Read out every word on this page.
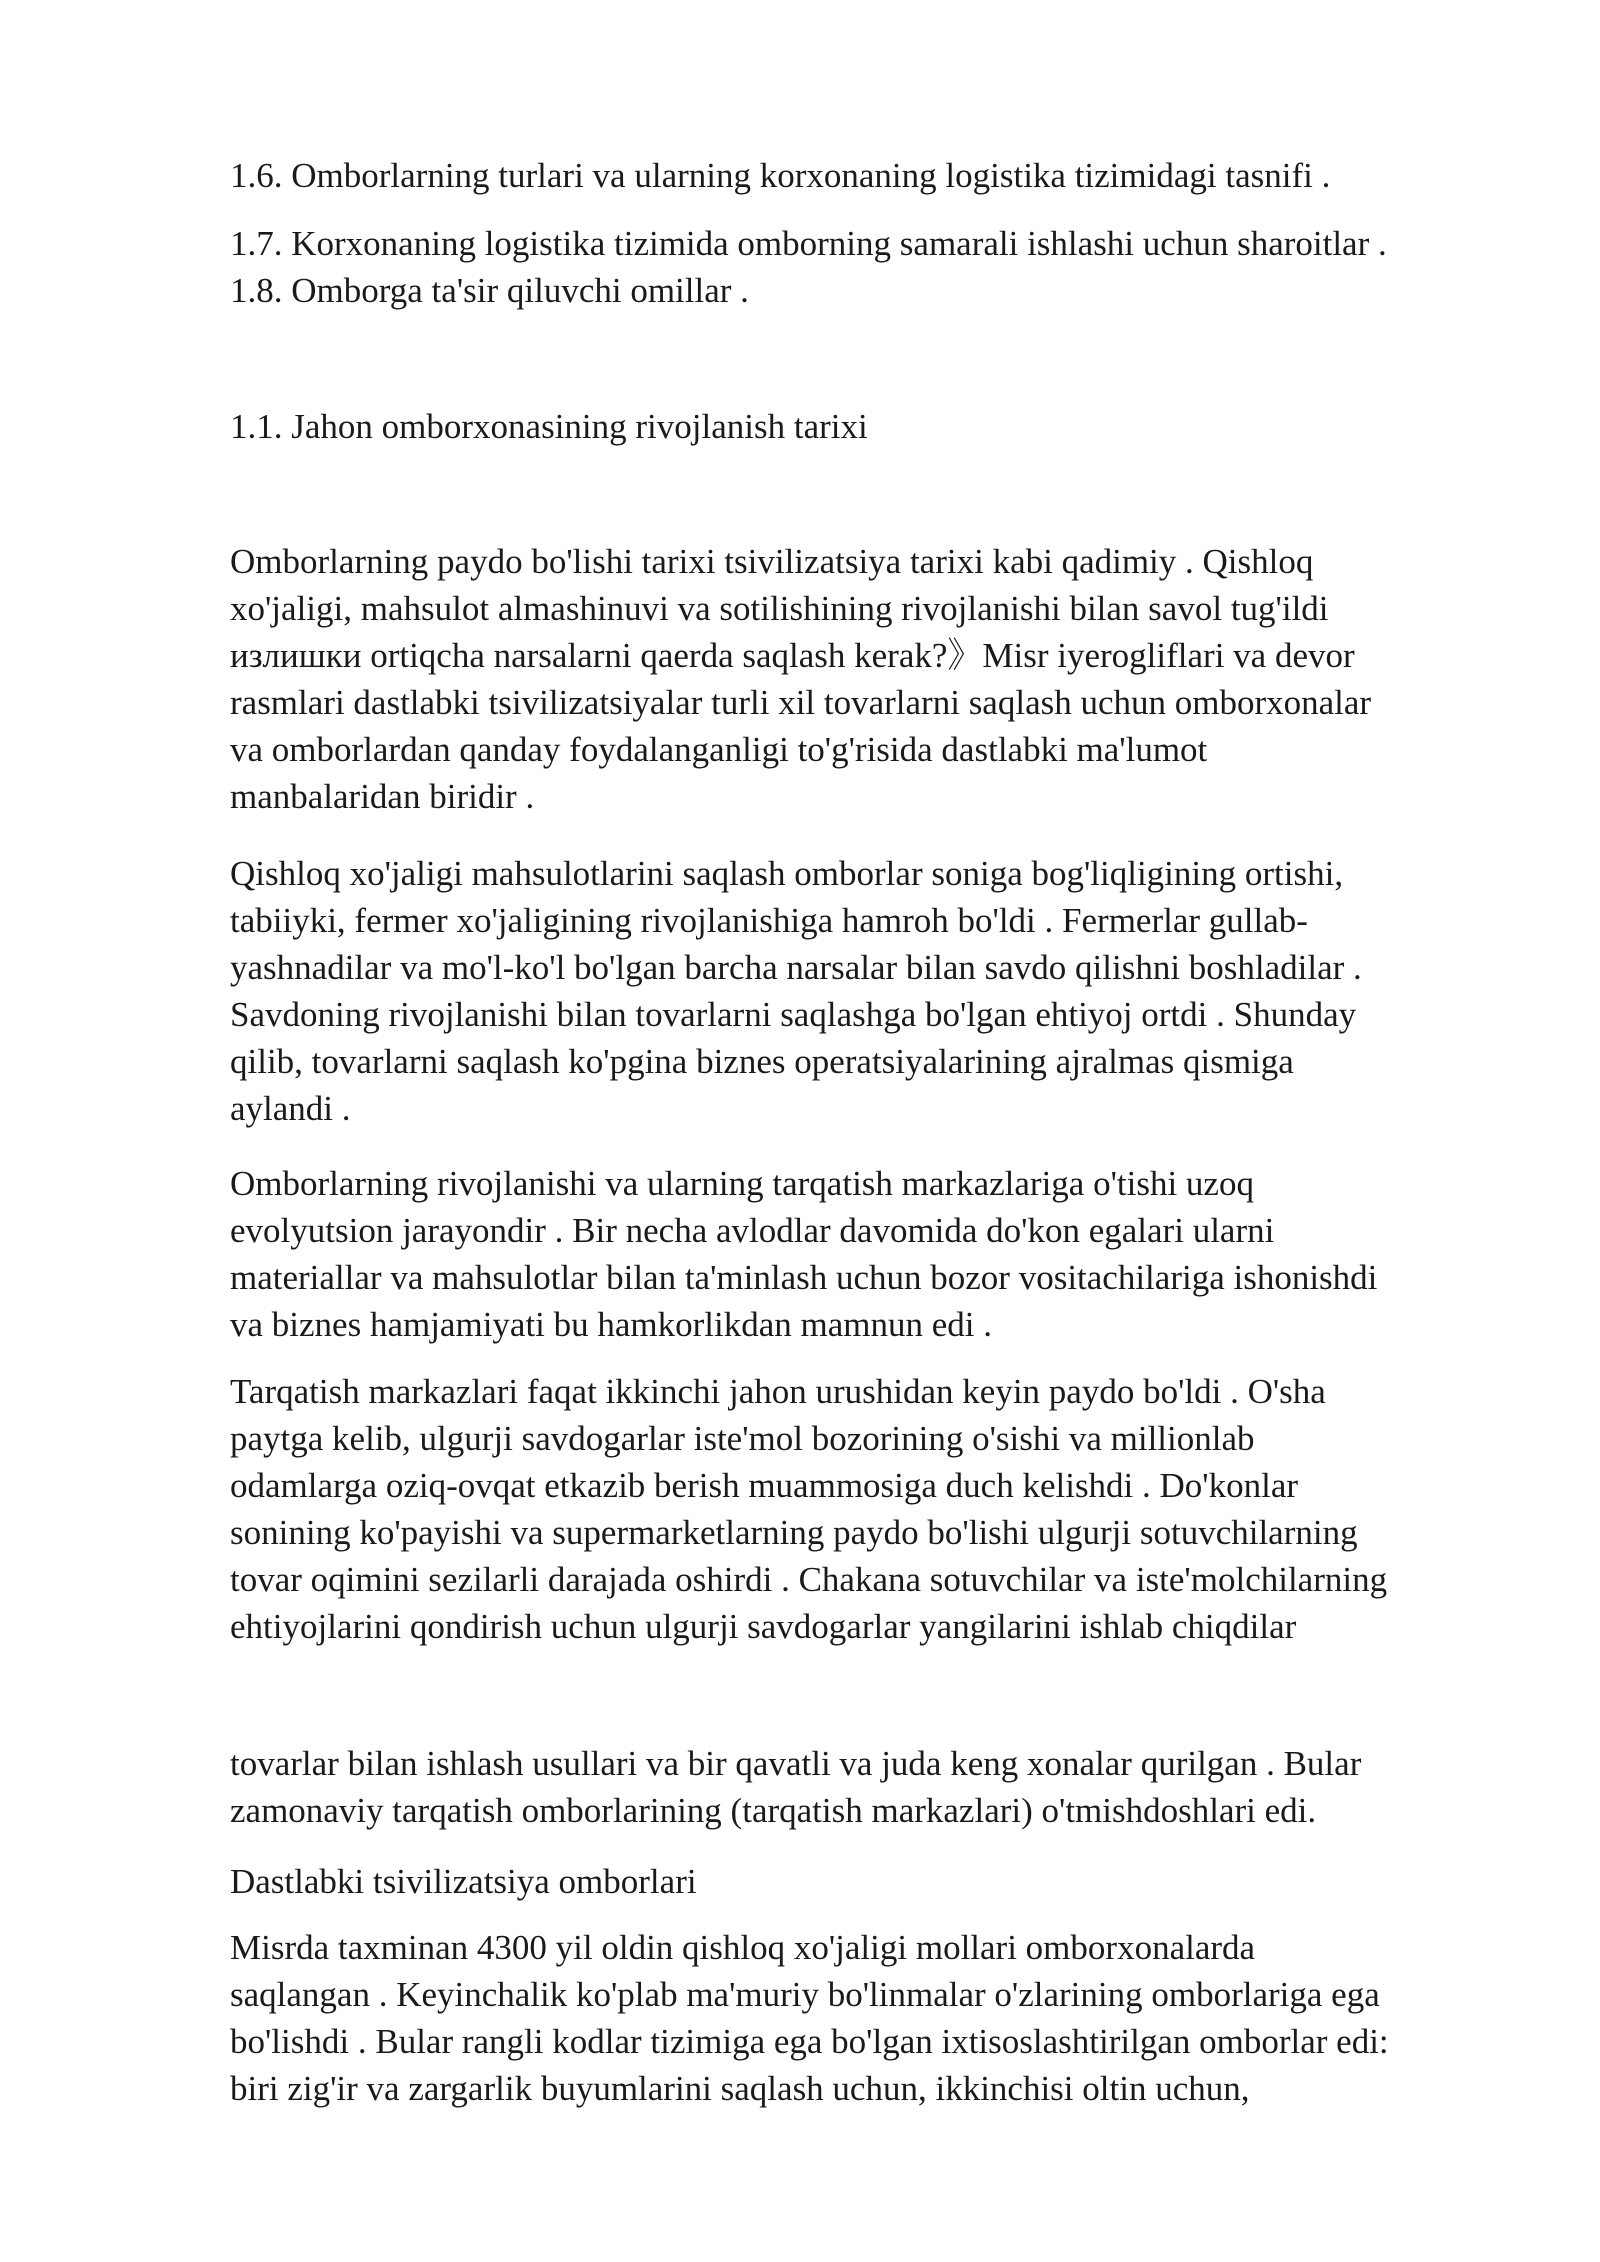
1.6. Omborlarning turlari va ularning korxonaning logistika tizimidagi tasnifi .

1.7. Korxonaning logistika tizimida omborning samarali ishlashi uchun sharoitlar .
1.8. Omborga ta'sir qiluvchi omillar .

1.1. Jahon omborxonasining rivojlanish tarixi

Omborlarning paydo bo'lishi tarixi tsivilizatsiya tarixi kabi qadimiy . Qishloq
xo'jaligi, mahsulot almashinuvi va sotilishining rivojlanishi bilan savol tug'ildi
излишки ortiqcha narsalarni qaerda saqlash kerak?》Misr iyerogliflari va devor
rasmlari dastlabki tsivilizatsiyalar turli xil tovarlarni saqlash uchun omborxonalar
va omborlardan qanday foydalanganligi to'g'risida dastlabki ma'lumot
manbalaridan biridir .

Qishloq xo'jaligi mahsulotlarini saqlash omborlar soniga bog'liqligining ortishi,
tabiiyki, fermer xo'jaligining rivojlanishiga hamroh bo'ldi . Fermerlar gullab-
yashnadilar va mo'l-ko'l bo'lgan barcha narsalar bilan savdo qilishni boshladilar .
Savdoning rivojlanishi bilan tovarlarni saqlashga bo'lgan ehtiyoj ortdi . Shunday
qilib, tovarlarni saqlash ko'pgina biznes operatsiyalarining ajralmas qismiga
aylandi .

Omborlarning rivojlanishi va ularning tarqatish markazlariga o'tishi uzoq
evolyutsion jarayondir . Bir necha avlodlar davomida do'kon egalari ularni
materiallar va mahsulotlar bilan ta'minlash uchun bozor vositachilariga ishonishdi
va biznes hamjamiyati bu hamkorlikdan mamnun edi .

Tarqatish markazlari faqat ikkinchi jahon urushidan keyin paydo bo'ldi . O'sha
paytga kelib, ulgurji savdogarlar iste'mol bozorining o'sishi va millionlab
odamlarga oziq-ovqat etkazib berish muammosiga duch kelishdi . Do'konlar
sonining ko'payishi va supermarketlarning paydo bo'lishi ulgurji sotuvchilarning
tovar oqimini sezilarli darajada oshirdi . Chakana sotuvchilar va iste'molchilarning
ehtiyojlarini qondirish uchun ulgurji savdogarlar yangilarini ishlab chiqdilar

tovarlar bilan ishlash usullari va bir qavatli va juda keng xonalar qurilgan . Bular
zamonaviy tarqatish omborlarining (tarqatish markazlari) o'tmishdoshlari edi.

Dastlabki tsivilizatsiya omborlari

Misrda taxminan 4300 yil oldin qishloq xo'jaligi mollari omborxonalarda
saqlangan . Keyinchalik ko'plab ma'muriy bo'linmalar o'zlarining omborlariga ega
bo'lishdi . Bular rangli kodlar tizimiga ega bo'lgan ixtisoslashtirilgan omborlar edi:
biri zig'ir va zargarlik buyumlarini saqlash uchun, ikkinchisi oltin uchun,
